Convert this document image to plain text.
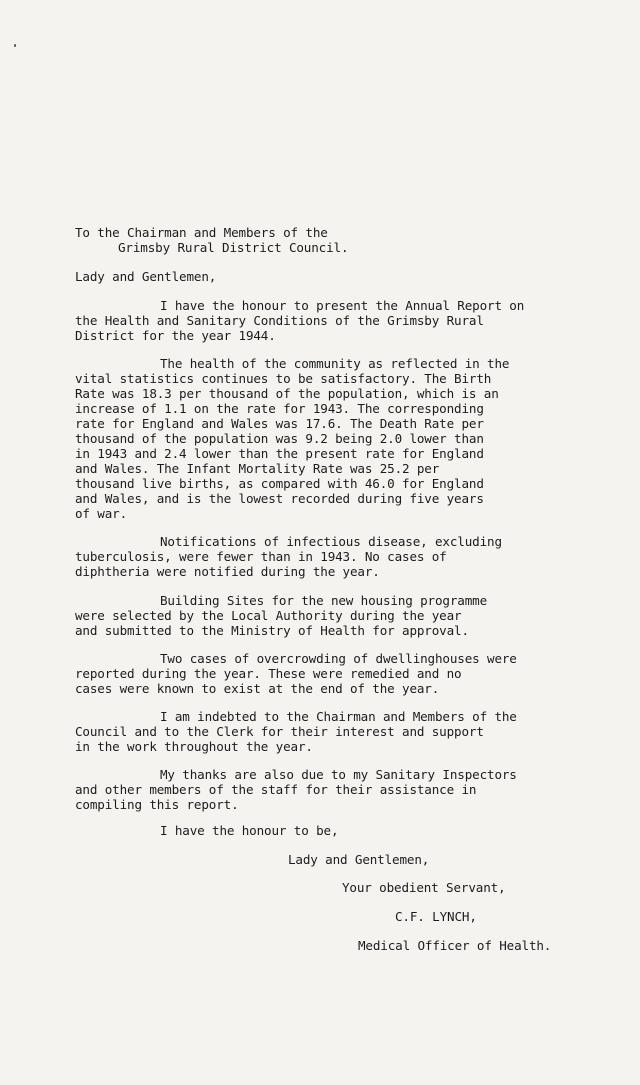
To the Chairman and Members of the
Grimsby Rural District Council.
Lady and Gentlemen,
I have the honour to present the Annual Report on
the Health and Sanitary Conditions of the Grimsby Rural
District for the year 1944.
The health of the community as reflected in the
vital statistics continues to be satisfactory. The Birth
Rate was 18.3 per thousand of the population, which is an
increase of 1.1 on the rate for 1943. The corresponding
rate for England and Wales was 17.6. The Death Rate per
thousand of the population was 9.2 being 2.0 lower than
in 1943 and 2.4 lower than the present rate for England
and Wales. The Infant Mortality Rate was 25.2 per
thousand live births, as compared with 46.0 for England
and Wales, and is the lowest recorded during five years
of war.
Notifications of infectious disease, excluding
tuberculosis, were fewer than in 1943. No cases of
diphtheria were notified during the year.
Building Sites for the new housing programme
were selected by the Local Authority during the year
and submitted to the Ministry of Health for approval.
Two cases of overcrowding of dwellinghouses were
reported during the year. These were remedied and no
cases were known to exist at the end of the year.
I am indebted to the Chairman and Members of the
Council and to the Clerk for their interest and support
in the work throughout the year.
My thanks are also due to my Sanitary Inspectors
and other members of the staff for their assistance in
compiling this report.
I have the honour to be,
Lady and Gentlemen,
Your obedient Servant,
C.F. LYNCH,
Medical Officer of Health.
